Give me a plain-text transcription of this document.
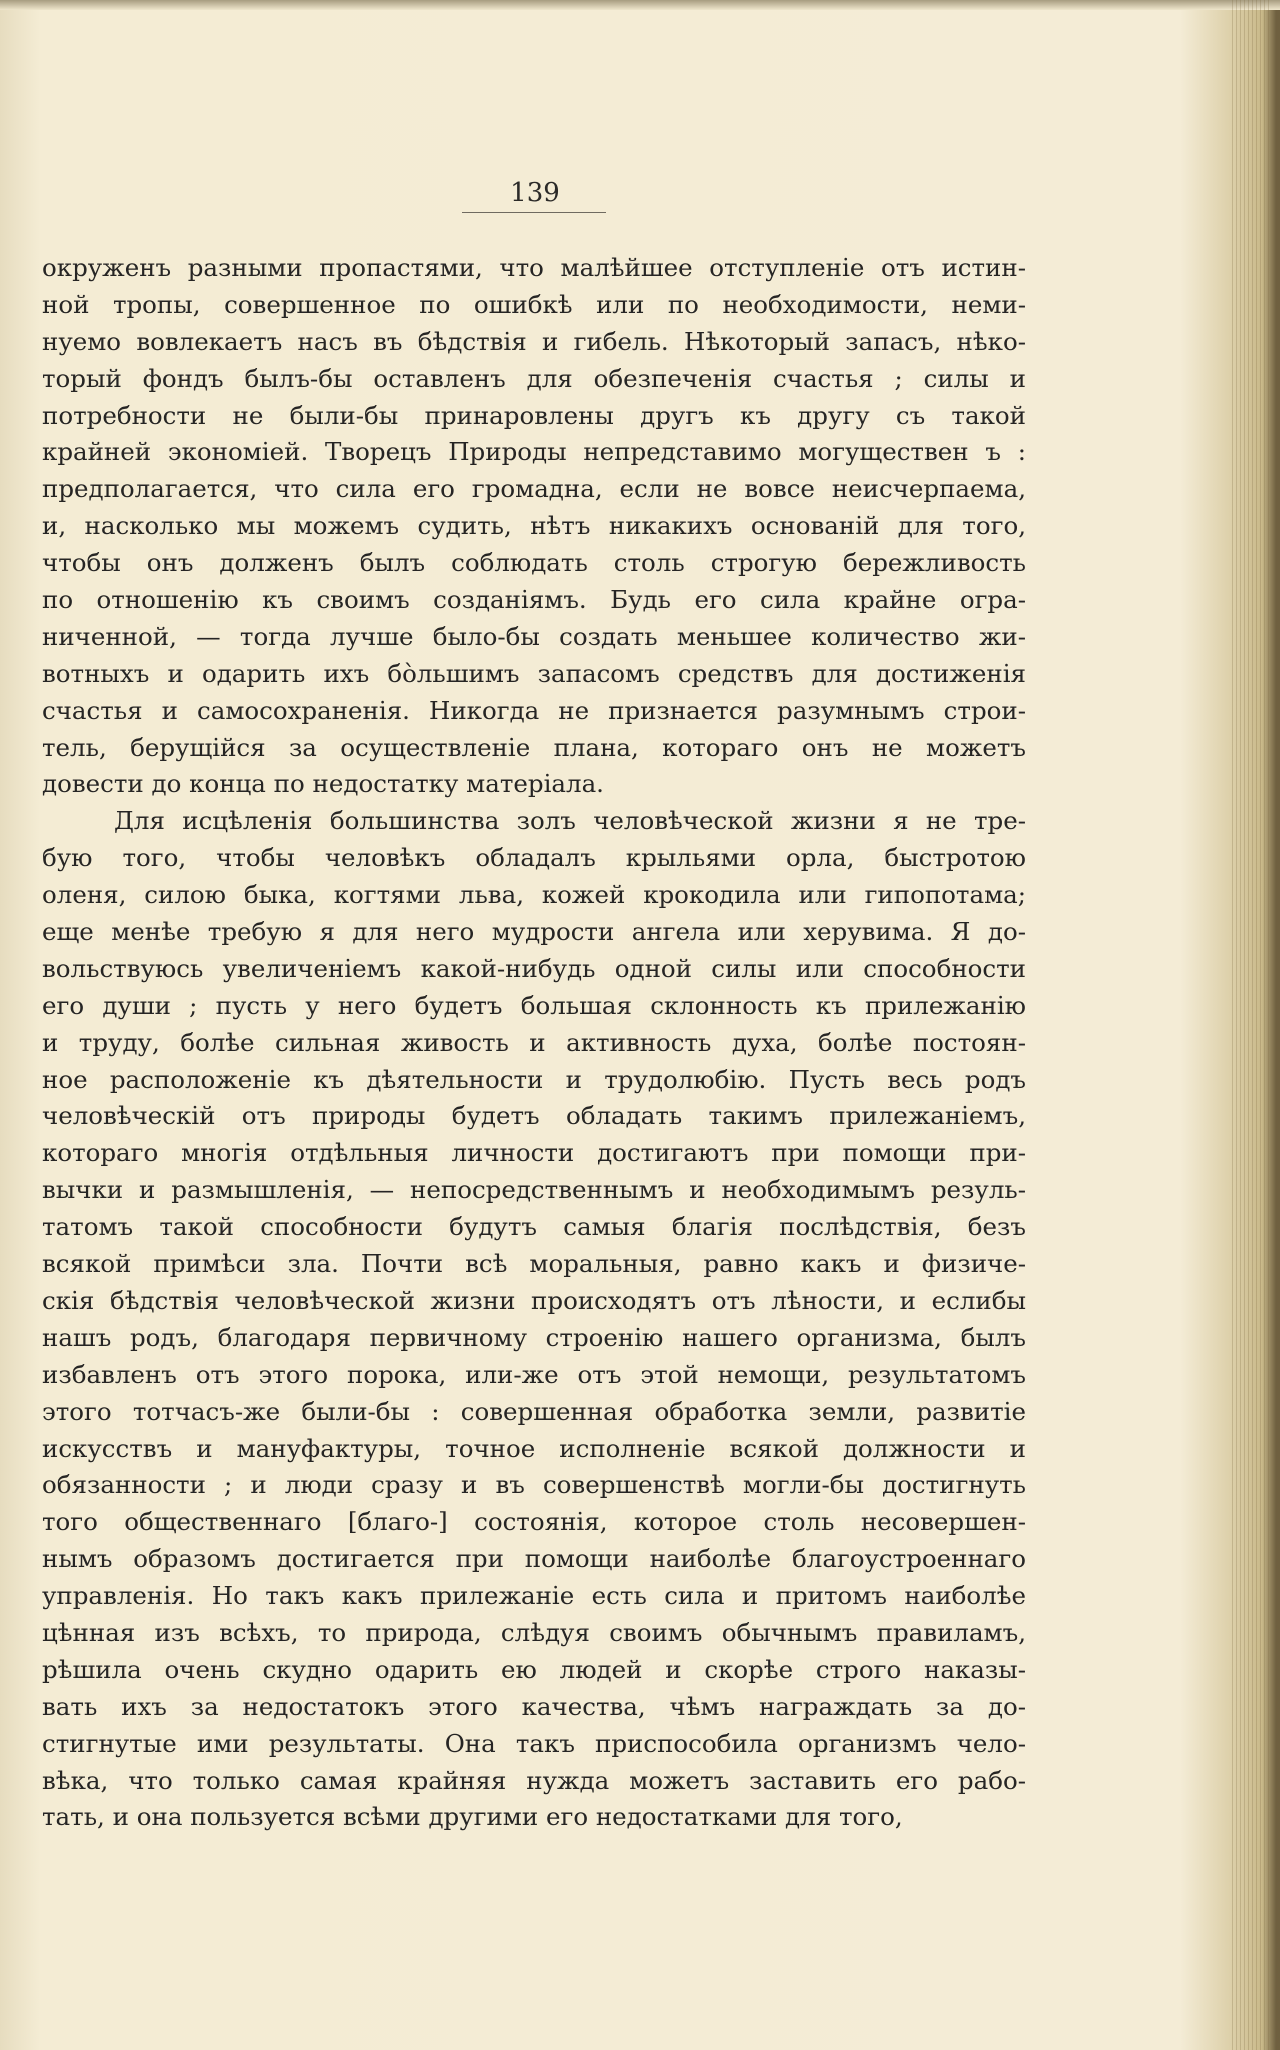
139
окруженъ разными пропастями, что малѣйшее отступленіе отъ истин-
ной тропы, совершенное по ошибкѣ или по необходимости, неми-
нуемо вовлекаетъ насъ въ бѣдствія и гибель. Нѣкоторый запасъ, нѣко-
торый фондъ былъ-бы оставленъ для обезпеченія счастья ; силы и
потребности не были-бы принаровлены другъ къ другу съ такой
крайней экономіей. Творецъ Природы непредставимо могуществен ъ :
предполагается, что сила его громадна, если не вовсе неисчерпаема,
и, насколько мы можемъ судить, нѣтъ никакихъ основаній для того,
чтобы онъ долженъ былъ соблюдать столь строгую бережливость
по отношенію къ своимъ созданіямъ. Будь его сила крайне огра-
ниченной, — тогда лучше было-бы создать меньшее количество жи-
вотныхъ и одарить ихъ бо̀льшимъ запасомъ средствъ для достиженія
счастья и самосохраненія. Никогда не признается разумнымъ строи-
тель, берущійся за осуществленіе плана, котораго онъ не можетъ
довести до конца по недостатку матеріала.
Для исцѣленія большинства золъ человѣческой жизни я не тре-
бую того, чтобы человѣкъ обладалъ крыльями орла, быстротою
оленя, силою быка, когтями льва, кожей крокодила или гипопотама;
еще менѣе требую я для него мудрости ангела или херувима. Я до-
вольствуюсь увеличеніемъ какой-нибудь одной силы или способности
его души ; пусть у него будетъ большая склонность къ прилежанію
и труду, болѣе сильная живость и активность духа, болѣе постоян-
ное расположеніе къ дѣятельности и трудолюбію. Пусть весь родъ
человѣческій отъ природы будетъ обладать такимъ прилежаніемъ,
котораго многія отдѣльныя личности достигаютъ при помощи при-
вычки и размышленія, — непосредственнымъ и необходимымъ резуль-
татомъ такой способности будутъ самыя благія послѣдствія, безъ
всякой примѣси зла. Почти всѣ моральныя, равно какъ и физиче-
скія бѣдствія человѣческой жизни происходятъ отъ лѣности, и еслибы
нашъ родъ, благодаря первичному строенію нашего организма, былъ
избавленъ отъ этого порока, или-же отъ этой немощи, результатомъ
этого тотчасъ-же были-бы : совершенная обработка земли, развитіе
искусствъ и мануфактуры, точное исполненіе всякой должности и
обязанности ; и люди сразу и въ совершенствѣ могли-бы достигнуть
того общественнаго [благо-] состоянія, которое столь несовершен-
нымъ образомъ достигается при помощи наиболѣе благоустроеннаго
управленія. Но такъ какъ прилежаніе есть сила и притомъ наиболѣе
цѣнная изъ всѣхъ, то природа, слѣдуя своимъ обычнымъ правиламъ,
рѣшила очень скудно одарить ею людей и скорѣе строго наказы-
вать ихъ за недостатокъ этого качества, чѣмъ награждать за до-
стигнутые ими результаты. Она такъ приспособила организмъ чело-
вѣка, что только самая крайняя нужда можетъ заставить его рабо-
тать, и она пользуется всѣми другими его недостатками для того,
